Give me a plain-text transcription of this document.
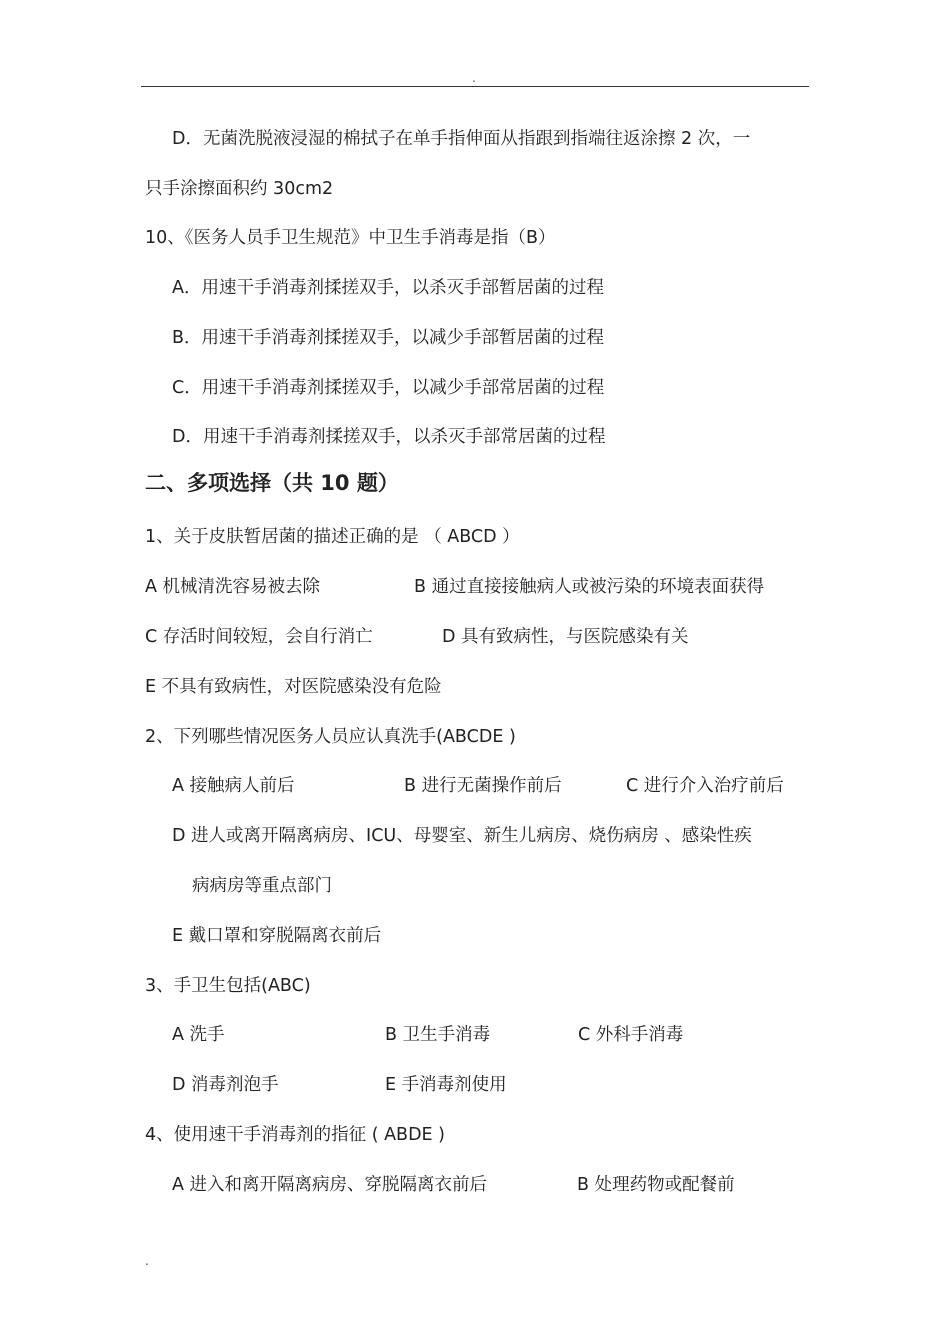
.
D．无菌洗脱液浸湿的棉拭子在单手指伸面从指跟到指端往返涂擦 2 次，一
只手涂擦面积约 30cm2
10、《医务人员手卫生规范》中卫生手消毒是指（B）
A．用速干手消毒剂揉搓双手，以杀灭手部暂居菌的过程
B．用速干手消毒剂揉搓双手，以减少手部暂居菌的过程
C．用速干手消毒剂揉搓双手，以减少手部常居菌的过程
D．用速干手消毒剂揉搓双手，以杀灭手部常居菌的过程
二、多项选择（共 10 题）
1、关于皮肤暂居菌的描述正确的是 （ ABCD ）
A 机械清洗容易被去除	B 通过直接接触病人或被污染的环境表面获得
C 存活时间较短，会自行消亡	D 具有致病性，与医院感染有关
E 不具有致病性，对医院感染没有危险
2、下列哪些情况医务人员应认真洗手(ABCDE )
A 接触病人前后	B 进行无菌操作前后	C 进行介入治疗前后
D 进人或离开隔离病房、ICU、母婴室、新生儿病房、烧伤病房 、感染性疾
病病房等重点部门
E 戴口罩和穿脱隔离衣前后
3、手卫生包括(ABC)
A 洗手	B 卫生手消毒	C 外科手消毒
D 消毒剂泡手	E 手消毒剂使用
4、使用速干手消毒剂的指征 ( ABDE )
A 进入和离开隔离病房、穿脱隔离衣前后	B 处理药物或配餐前
.
